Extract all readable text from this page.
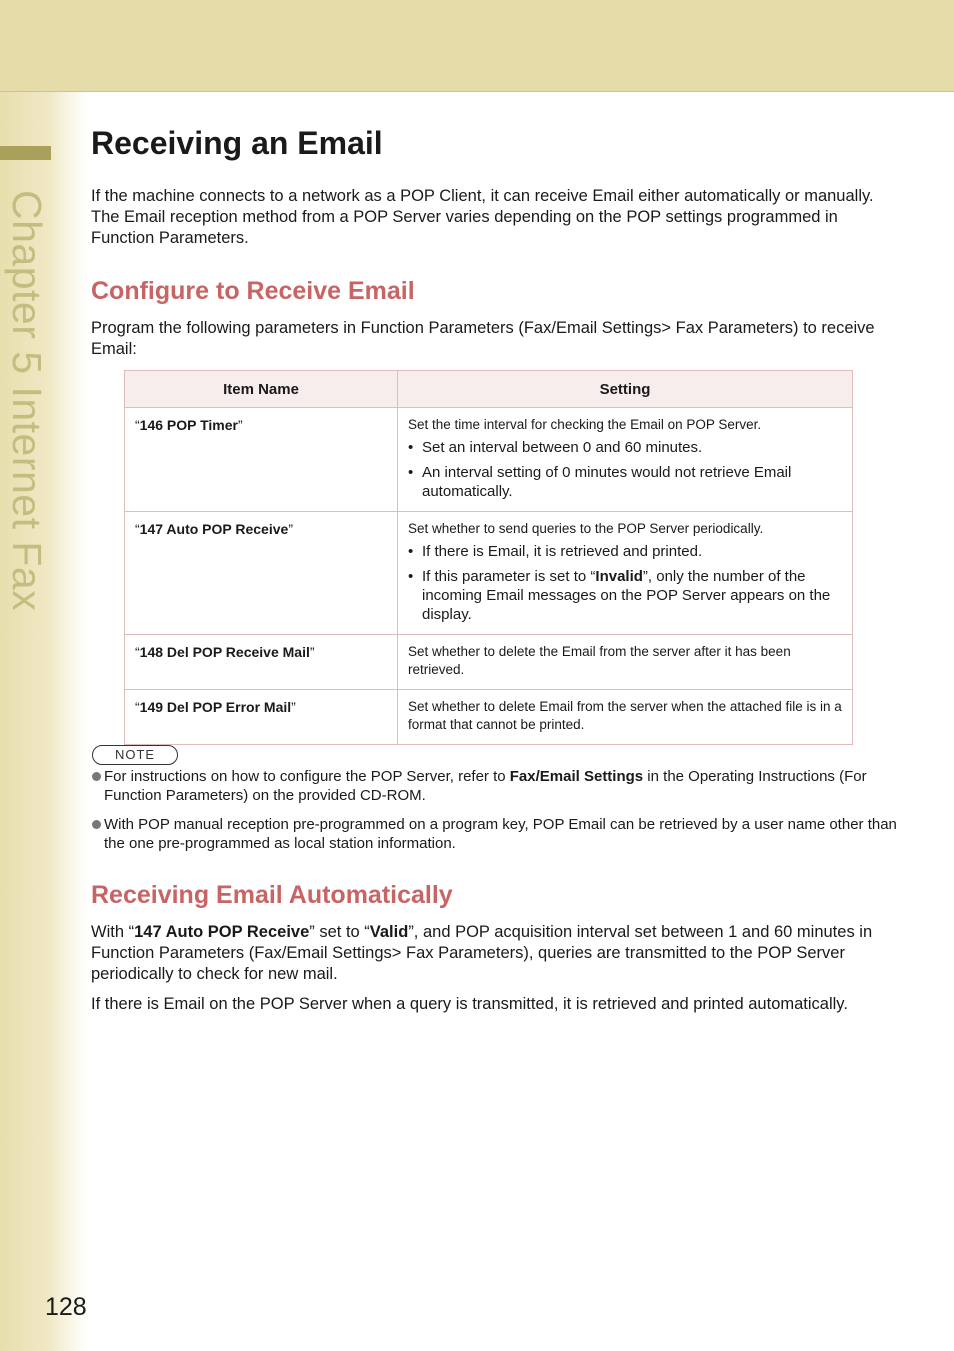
Chapter 5 Internet Fax
128
Receiving an Email

If the machine connects to a network as a POP Client, it can receive Email either automatically or manually. The Email reception method from a POP Server varies depending on the POP settings programmed in Function Parameters.

Configure to Receive Email

Program the following parameters in Function Parameters (Fax/Email Settings> Fax Parameters) to receive Email:

Item Name	Setting
“146 POP Timer”	Set the time interval for checking the Email on POP Server.
• Set an interval between 0 and 60 minutes.
• An interval setting of 0 minutes would not retrieve Email automatically.

“147 Auto POP Receive”	Set whether to send queries to the POP Server periodically.
• If there is Email, it is retrieved and printed.
• If this parameter is set to “Invalid”, only the number of the incoming Email messages on the POP Server appears on the display.

“148 Del POP Receive Mail”	Set whether to delete the Email from the server after it has been retrieved.

“149 Del POP Error Mail”	Set whether to delete Email from the server when the attached file is in a format that cannot be printed.
NOTE
For instructions on how to configure the POP Server, refer to Fax/Email Settings in the Operating Instructions (For Function Parameters) on the provided CD-ROM.
With POP manual reception pre-programmed on a program key, POP Email can be retrieved by a user name other than the one pre-programmed as local station information.
Receiving Email Automatically

With “147 Auto POP Receive” set to “Valid”, and POP acquisition interval set between 1 and 60 minutes in Function Parameters (Fax/Email Settings> Fax Parameters), queries are transmitted to the POP Server periodically to check for new mail.

If there is Email on the POP Server when a query is transmitted, it is retrieved and printed automatically.
